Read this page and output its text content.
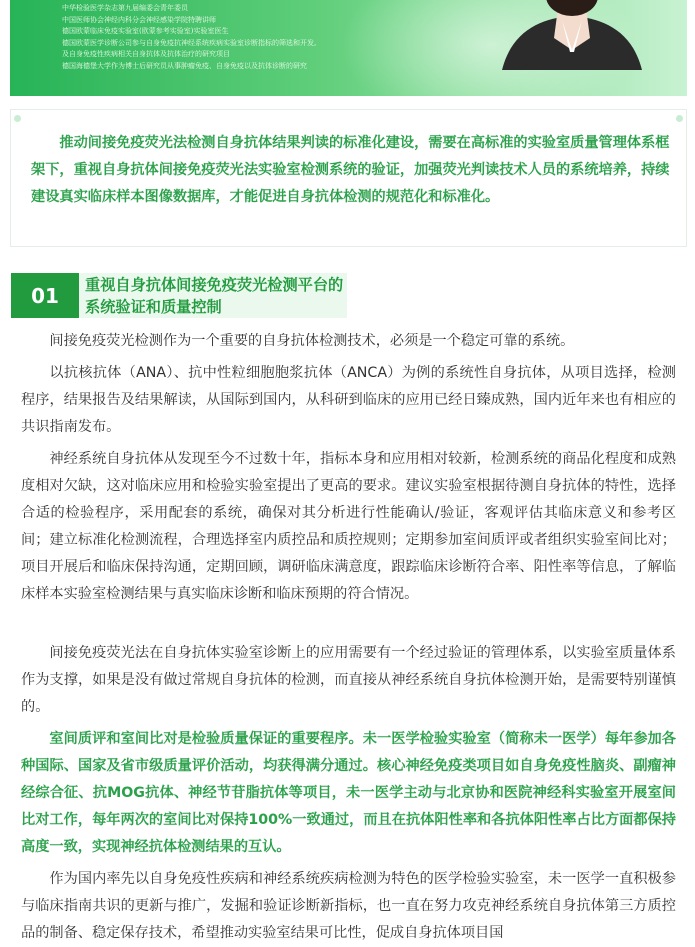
中华检验医学杂志第九届编委会青年委员
中国医师协会神经内科分会神经感染学院特聘讲师
德国欧蒙临床免疫实验室(欧蒙参考实验室)实验室医生
德国欧蒙医学诊断公司参与自身免疫抗神经系统疾病实验室诊断指标的筛选和开发,
及自身免疫性疾病相关自身抗体及抗体治疗的研究项目
德国海德堡大学作为博士后研究员从事肿瘤免疫、自身免疫以及抗体诊断的研究
推动间接免疫荧光法检测自身抗体结果判读的标准化建设，需要在高标准的实验室质量管理体系框架下，重视自身抗体间接免疫荧光法实验室检测系统的验证，加强荧光判读技术人员的系统培养，持续建设真实临床样本图像数据库，才能促进自身抗体检测的规范化和标准化。
01	重视自身抗体间接免疫荧光检测平台的系统验证和质量控制
间接免疫荧光检测作为一个重要的自身抗体检测技术，必须是一个稳定可靠的系统。
以抗核抗体（ANA）、抗中性粒细胞胞浆抗体（ANCA）为例的系统性自身抗体，从项目选择，检测程序，结果报告及结果解读，从国际到国内，从科研到临床的应用已经日臻成熟，国内近年来也有相应的共识指南发布。
神经系统自身抗体从发现至今不过数十年，指标本身和应用相对较新，检测系统的商品化程度和成熟度相对欠缺，这对临床应用和检验实验室提出了更高的要求。建议实验室根据待测自身抗体的特性，选择合适的检验程序，采用配套的系统，确保对其分析进行性能确认/验证，客观评估其临床意义和参考区间；建立标准化检测流程，合理选择室内质控品和质控规则；定期参加室间质评或者组织实验室间比对；项目开展后和临床保持沟通，定期回顾，调研临床满意度，跟踪临床诊断符合率、阳性率等信息，了解临床样本实验室检测结果与真实临床诊断和临床预期的符合情况。
间接免疫荧光法在自身抗体实验室诊断上的应用需要有一个经过验证的管理体系，以实验室质量体系作为支撑，如果是没有做过常规自身抗体的检测，而直接从神经系统自身抗体检测开始，是需要特别谨慎的。
室间质评和室间比对是检验质量保证的重要程序。未一医学检验实验室（简称未一医学）每年参加各种国际、国家及省市级质量评价活动，均获得满分通过。核心神经免疫类项目如自身免疫性脑炎、副瘤神经综合征、抗MOG抗体、神经节苷脂抗体等项目，未一医学主动与北京协和医院神经科实验室开展室间比对工作，每年两次的室间比对保持100%一致通过，而且在抗体阳性率和各抗体阳性率占比方面都保持高度一致，实现神经抗体检测结果的互认。
作为国内率先以自身免疫性疾病和神经系统疾病检测为特色的医学检验实验室，未一医学一直积极参与临床指南共识的更新与推广，发掘和验证诊断新指标，也一直在努力攻克神经系统自身抗体第三方质控品的制备、稳定保存技术，希望推动实验室结果可比性，促成自身抗体项目国
